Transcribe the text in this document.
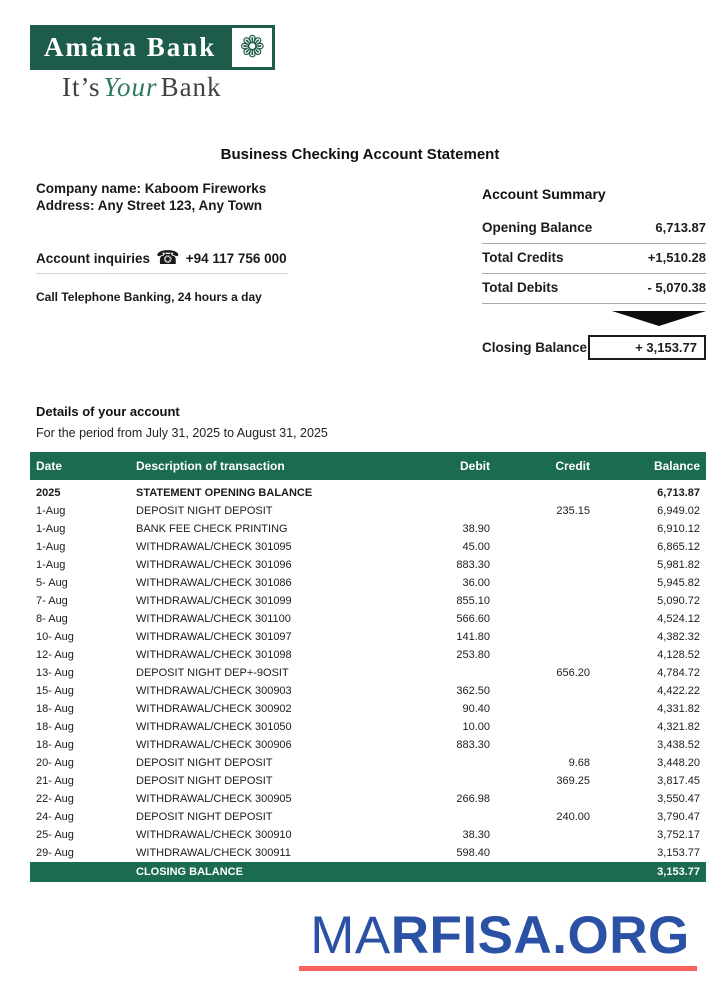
Amãna Bank ❁
It’s Your Bank
Business Checking Account Statement
Company name: Kaboom Fireworks
Address: Any Street 123, Any Town
Account inquiries ☎ +94 117 756 000
Call Telephone Banking, 24 hours a day
Account Summary
Opening Balance	6,713.87
Total Credits	+1,510.28
Total Debits	- 5,070.38
Closing Balance	+ 3,153.77
Details of your account
For the period from July 31, 2025 to August 31, 2025
Date	Description of transaction	Debit	Credit	Balance
2025	STATEMENT OPENING BALANCE			6,713.87
1-Aug	DEPOSIT NIGHT DEPOSIT		235.15	6,949.02
1-Aug	BANK FEE CHECK PRINTING	38.90		6,910.12
1-Aug	WITHDRAWAL/CHECK 301095	45.00		6,865.12
1-Aug	WITHDRAWAL/CHECK 301096	883.30		5,981.82
5- Aug	WITHDRAWAL/CHECK 301086	36.00		5,945.82
7- Aug	WITHDRAWAL/CHECK 301099	855.10		5,090.72
8- Aug	WITHDRAWAL/CHECK 301100	566.60		4,524.12
10- Aug	WITHDRAWAL/CHECK 301097	141.80		4,382.32
12- Aug	WITHDRAWAL/CHECK 301098	253.80		4,128.52
13- Aug	DEPOSIT NIGHT DEP+-9OSIT		656.20	4,784.72
15- Aug	WITHDRAWAL/CHECK 300903	362.50		4,422.22
18- Aug	WITHDRAWAL/CHECK 300902	90.40		4,331.82
18- Aug	WITHDRAWAL/CHECK 301050	10.00		4,321.82
18- Aug	WITHDRAWAL/CHECK 300906	883.30		3,438.52
20- Aug	DEPOSIT NIGHT DEPOSIT		9.68	3,448.20
21- Aug	DEPOSIT NIGHT DEPOSIT		369.25	3,817.45
22- Aug	WITHDRAWAL/CHECK 300905	266.98		3,550.47
24- Aug	DEPOSIT NIGHT DEPOSIT		240.00	3,790.47
25- Aug	WITHDRAWAL/CHECK 300910	38.30		3,752.17
29- Aug	WITHDRAWAL/CHECK 300911	598.40		3,153.77
	CLOSING BALANCE			3,153.77
MARFISA.ORG
